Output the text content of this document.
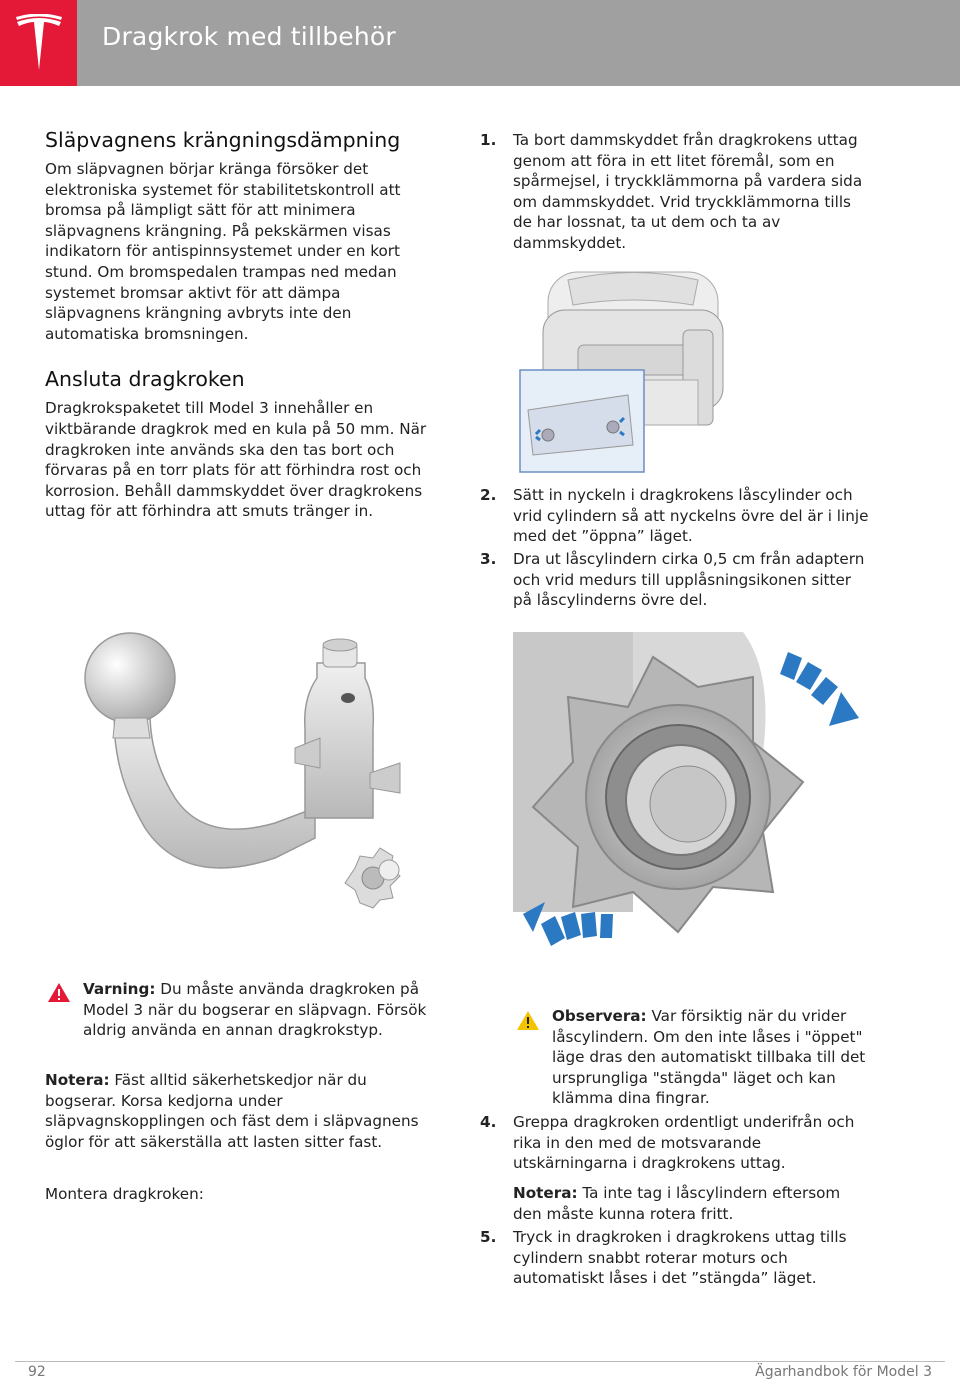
Dragkrok med tillbehör
Släpvagnens krängningsdämpning

Om släpvagnen börjar kränga försöker det elektroniska systemet för stabilitetskontroll att bromsa på lämpligt sätt för att minimera släpvagnens krängning. På pekskärmen visas indikatorn för antispinnsystemet under en kort stund. Om bromspedalen trampas ned medan systemet bromsar aktivt för att dämpa släpvagnens krängning avbryts inte den automatiska bromsningen.

Ansluta dragkroken

Dragkrokspaketet till Model 3 innehåller en viktbärande dragkrok med en kula på 50 mm. När dragkroken inte används ska den tas bort och förvaras på en torr plats för att förhindra rost och korrosion. Behåll dammskyddet över dragkrokens uttag för att förhindra att smuts tränger in.

Varning: Du måste använda dragkroken på Model 3 när du bogserar en släpvagn. Försök aldrig använda en annan dragkrokstyp.
Notera: Fäst alltid säkerhetskedjor när du bogserar. Korsa kedjorna under släpvagnskopplingen och fäst dem i släpvagnens öglor för att säkerställa att lasten sitter fast.
Montera dragkroken:
1. Ta bort dammskyddet från dragkrokens uttag genom att föra in ett litet föremål, som en spårmejsel, i tryckklämmorna på vardera sida om dammskyddet. Vrid tryckklämmorna tills de har lossnat, ta ut dem och ta av dammskyddet.
2. Sätt in nyckeln i dragkrokens låscylinder och vrid cylindern så att nyckelns övre del är i linje med det ”öppna” läget.
3. Dra ut låscylindern cirka 0,5 cm från adaptern och vrid medurs till upplåsningsikonen sitter på låscylinderns övre del.
Observera: Var försiktig när du vrider låscylindern. Om den inte låses i "öppet" läge dras den automatiskt tillbaka till det ursprungliga "stängda" läget och kan klämma dina fingrar.
4. Greppa dragkroken ordentligt underifrån och rika in den med de motsvarande utskärningarna i dragkrokens uttag.
Notera: Ta inte tag i låscylindern eftersom den måste kunna rotera fritt.
5. Tryck in dragkroken i dragkrokens uttag tills cylindern snabbt roterar moturs och automatiskt låses i det ”stängda” läget.
92	Ägarhandbok för Model 3
